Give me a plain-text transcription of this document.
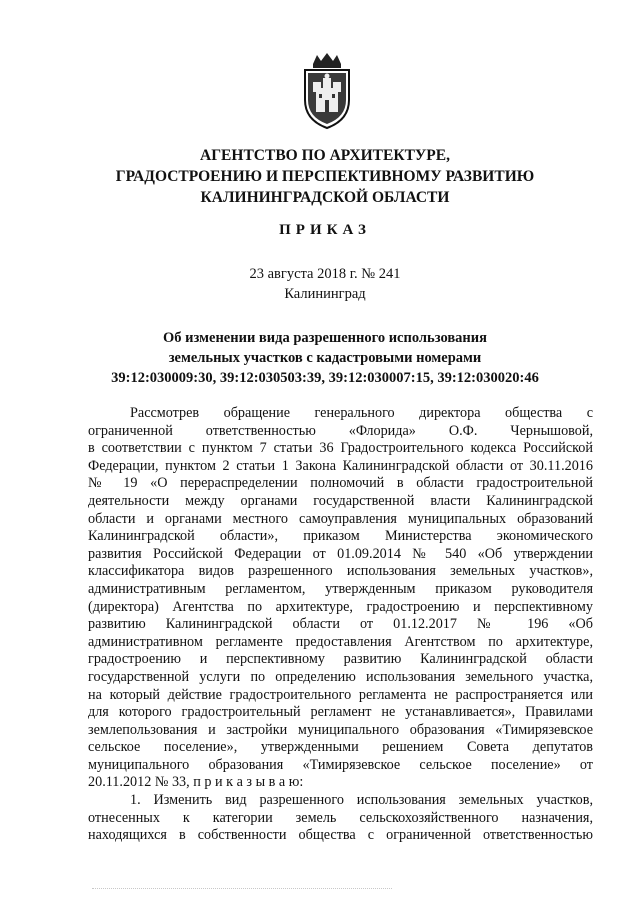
АГЕНТСТВО ПО АРХИТЕКТУРЕ,
ГРАДОСТРОЕНИЮ И ПЕРСПЕКТИВНОМУ РАЗВИТИЮ
КАЛИНИНГРАДСКОЙ ОБЛАСТИ
ПРИКАЗ
23 августа 2018 г. № 241
Калининград
Об изменении вида разрешенного использования
земельных участков с кадастровыми номерами
39:12:030009:30, 39:12:030503:39, 39:12:030007:15, 39:12:030020:46
Рассмотрев обращение генерального директора общества с
ограниченной ответственностью «Флорида» О.Ф. Чернышовой,
в соответствии с пунктом 7 статьи 36 Градостроительного кодекса Российской
Федерации, пунктом 2 статьи 1 Закона Калининградской области от 30.11.2016
№ 19 «О перераспределении полномочий в области градостроительной
деятельности между органами государственной власти Калининградской
области и органами местного самоуправления муниципальных образований
Калининградской области», приказом Министерства экономического
развития Российской Федерации от 01.09.2014 № 540 «Об утверждении
классификатора видов разрешенного использования земельных участков»,
административным регламентом, утвержденным приказом руководителя
(директора) Агентства по архитектуре, градостроению и перспективному
развитию Калининградской области от 01.12.2017 № 196 «Об
административном регламенте предоставления Агентством по архитектуре,
градостроению и перспективному развитию Калининградской области
государственной услуги по определению использования земельного участка,
на который действие градостроительного регламента не распространяется или
для которого градостроительный регламент не устанавливается», Правилами
землепользования и застройки муниципального образования «Тимирязевское
сельское поселение», утвержденными решением Совета депутатов
муниципального образования «Тимирязевское сельское поселение» от
20.11.2012 № 33, п р и к а з ы в а ю:
1. Изменить вид разрешенного использования земельных участков,
отнесенных к категории земель сельскохозяйственного назначения,
находящихся в собственности общества с ограниченной ответственностью
